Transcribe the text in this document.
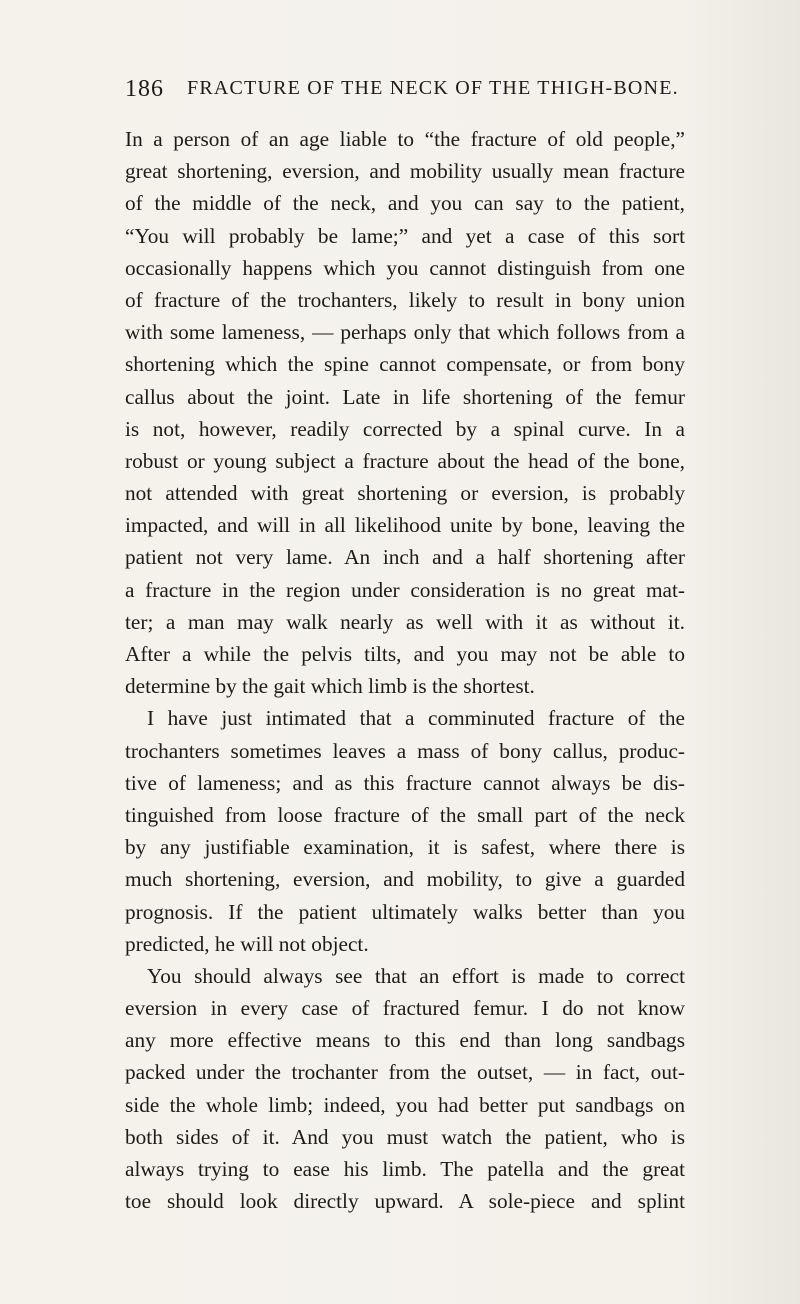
186 FRACTURE OF THE NECK OF THE THIGH-BONE.
In a person of an age liable to “the fracture of old people,”
great shortening, eversion, and mobility usually mean fracture
of the middle of the neck, and you can say to the patient,
“You will probably be lame;” and yet a case of this sort
occasionally happens which you cannot distinguish from one
of fracture of the trochanters, likely to result in bony union
with some lameness, — perhaps only that which follows from a
shortening which the spine cannot compensate, or from bony
callus about the joint. Late in life shortening of the femur
is not, however, readily corrected by a spinal curve. In a
robust or young subject a fracture about the head of the bone,
not attended with great shortening or eversion, is probably
impacted, and will in all likelihood unite by bone, leaving the
patient not very lame. An inch and a half shortening after
a fracture in the region under consideration is no great mat-
ter; a man may walk nearly as well with it as without it.
After a while the pelvis tilts, and you may not be able to
determine by the gait which limb is the shortest.
I have just intimated that a comminuted fracture of the
trochanters sometimes leaves a mass of bony callus, produc-
tive of lameness; and as this fracture cannot always be dis-
tinguished from loose fracture of the small part of the neck
by any justifiable examination, it is safest, where there is
much shortening, eversion, and mobility, to give a guarded
prognosis. If the patient ultimately walks better than you
predicted, he will not object.
You should always see that an effort is made to correct
eversion in every case of fractured femur. I do not know
any more effective means to this end than long sandbags
packed under the trochanter from the outset, — in fact, out-
side the whole limb; indeed, you had better put sandbags on
both sides of it. And you must watch the patient, who is
always trying to ease his limb. The patella and the great
toe should look directly upward. A sole-piece and splint
